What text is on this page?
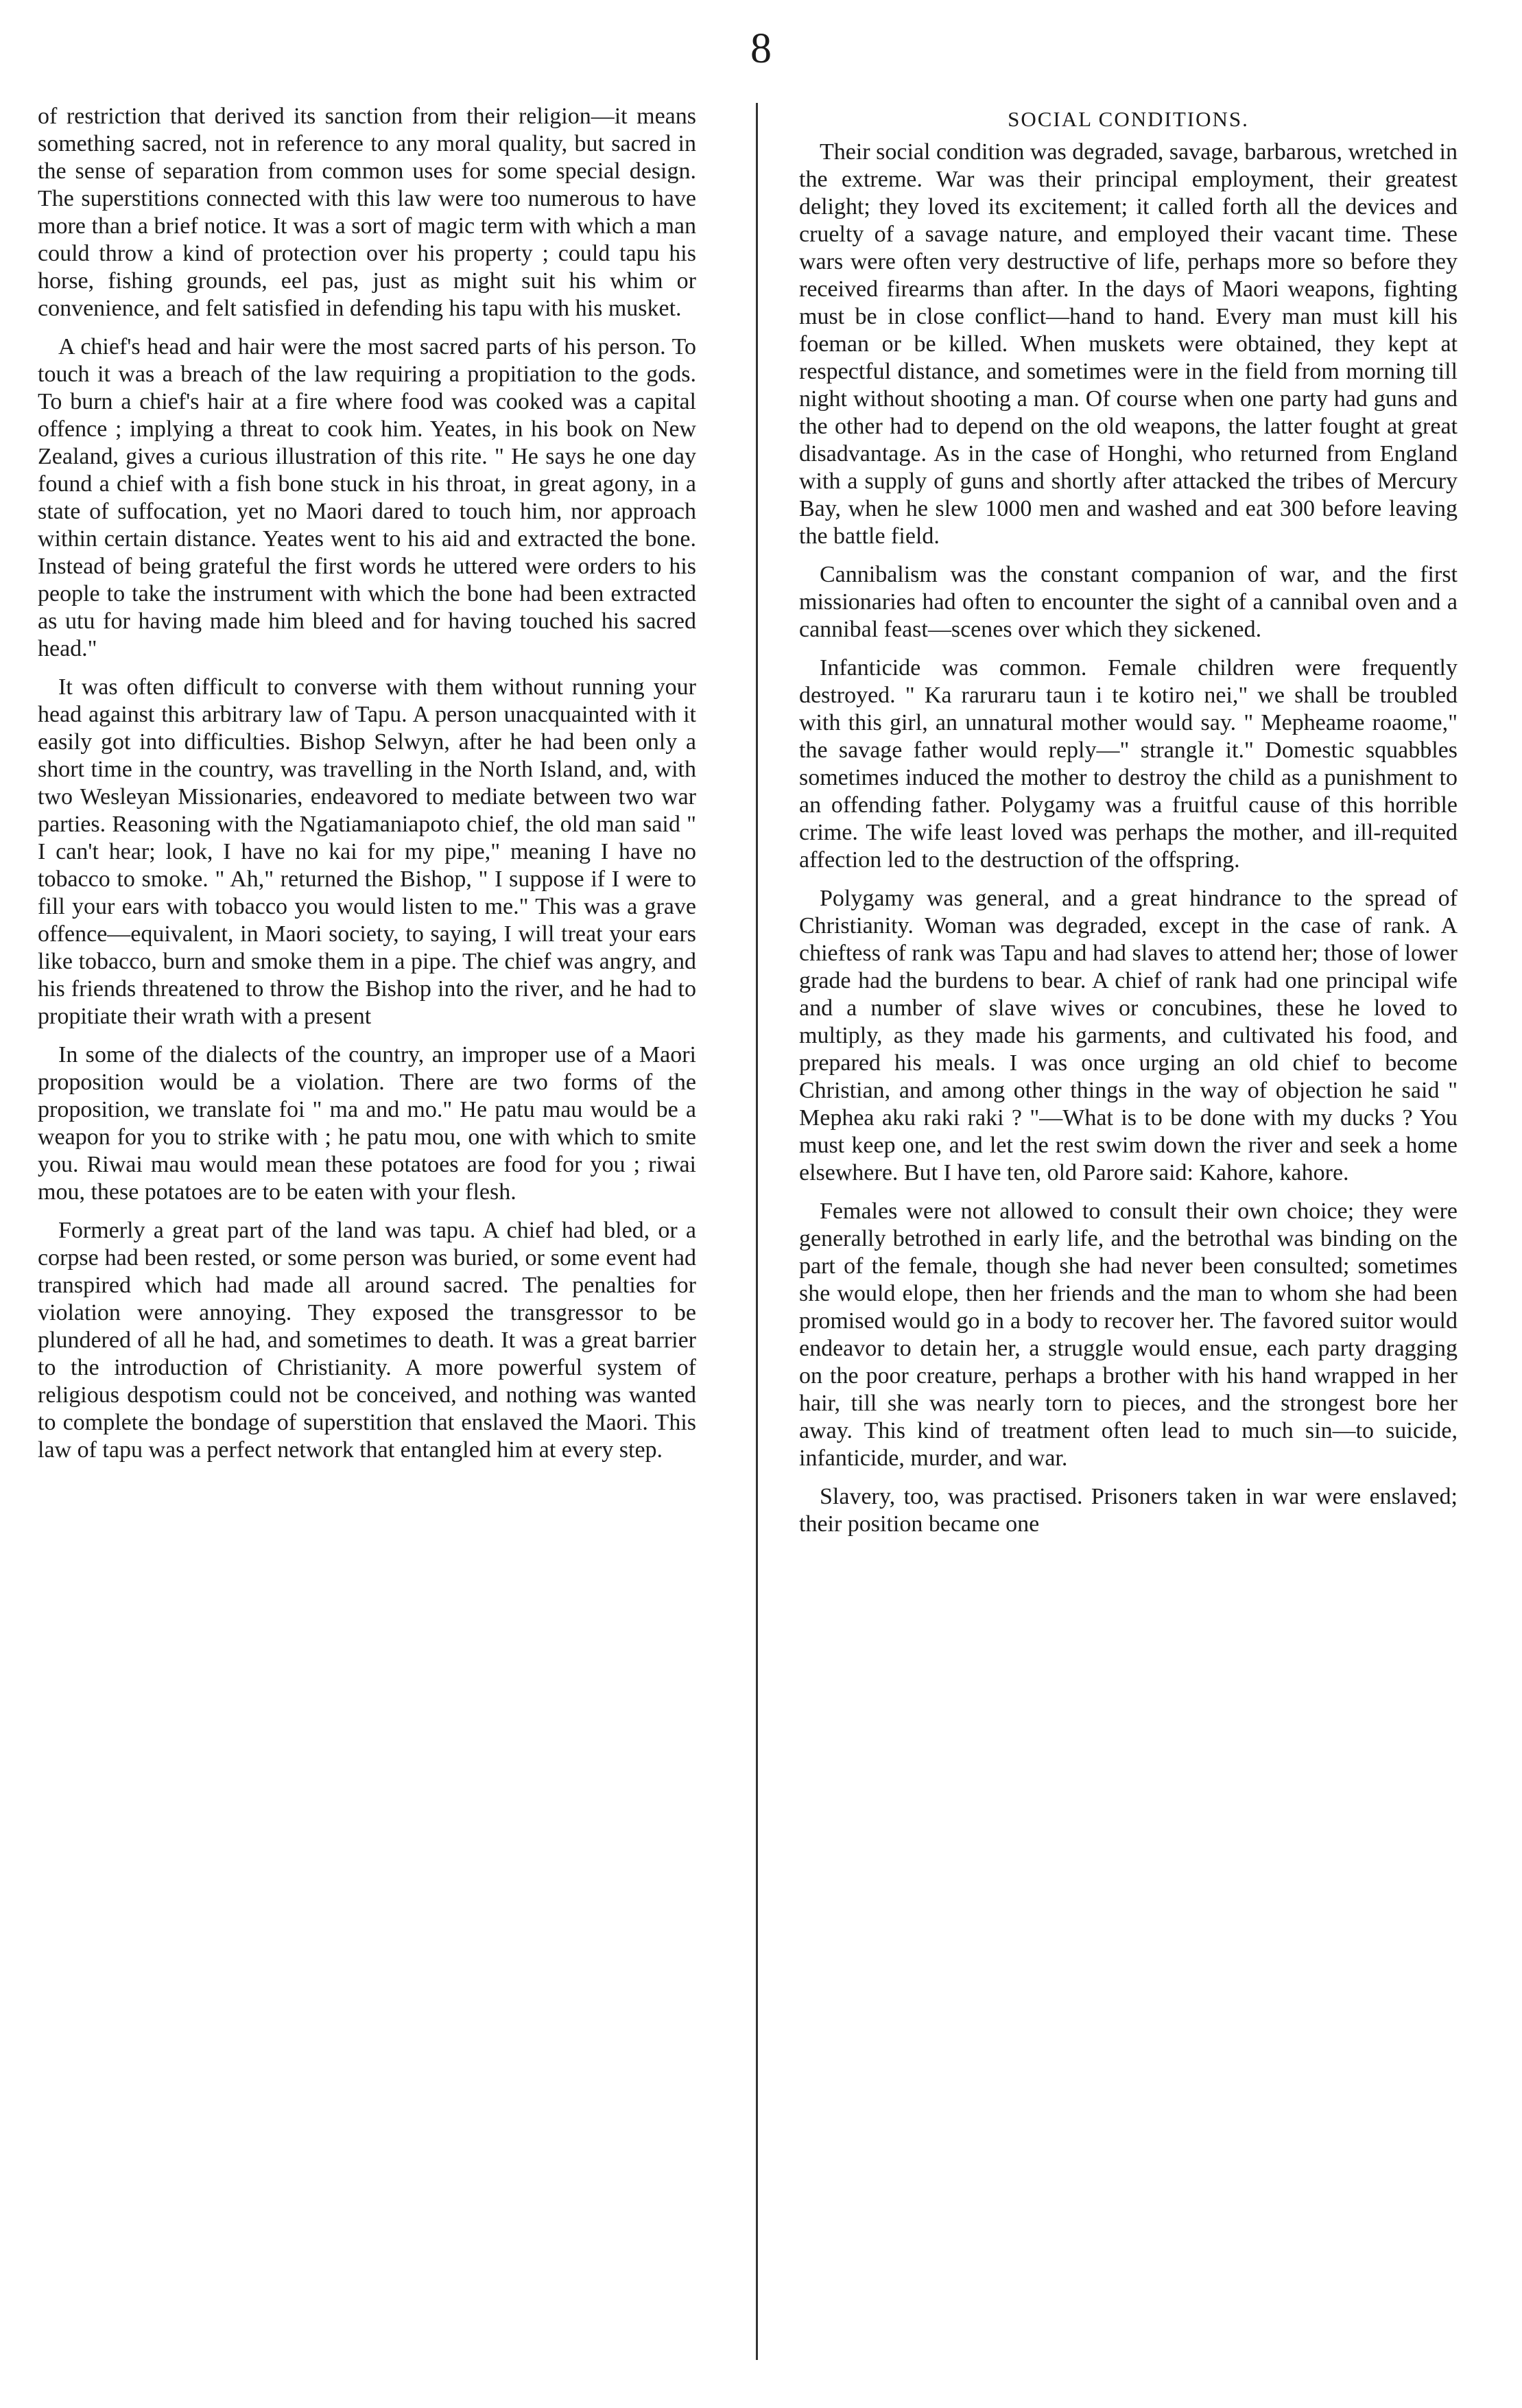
8

of restriction that derived its sanction from their religion—it means something sacred, not in reference to any moral quality, but sacred in the sense of separation from common uses for some special design. The superstitions connected with this law were too numerous to have more than a brief notice. It was a sort of magic term with which a man could throw a kind of protection over his property ; could tapu his horse, fishing grounds, eel pas, just as might suit his whim or convenience, and felt satisfied in defending his tapu with his musket.

A chief's head and hair were the most sacred parts of his person. To touch it was a breach of the law requiring a propitiation to the gods. To burn a chief's hair at a fire where food was cooked was a capital offence ; implying a threat to cook him. Yeates, in his book on New Zealand, gives a curious illustration of this rite. " He says he one day found a chief with a fish bone stuck in his throat, in great agony, in a state of suffocation, yet no Maori dared to touch him, nor approach within certain distance. Yeates went to his aid and extracted the bone. Instead of being grateful the first words he uttered were orders to his people to take the instrument with which the bone had been extracted as utu for having made him bleed and for having touched his sacred head."

It was often difficult to converse with them without running your head against this arbitrary law of Tapu. A person unacquainted with it easily got into difficulties. Bishop Selwyn, after he had been only a short time in the country, was travelling in the North Island, and, with two Wesleyan Missionaries, endeavored to mediate between two war parties. Reasoning with the Ngatiamaniapoto chief, the old man said " I can't hear; look, I have no kai for my pipe," meaning I have no tobacco to smoke. " Ah," returned the Bishop, " I suppose if I were to fill your ears with tobacco you would listen to me." This was a grave offence—equivalent, in Maori society, to saying, I will treat your ears like tobacco, burn and smoke them in a pipe. The chief was angry, and his friends threatened to throw the Bishop into the river, and he had to propitiate their wrath with a present

In some of the dialects of the country, an improper use of a Maori proposition would be a violation. There are two forms of the proposition, we translate foi " ma and mo." He patu mau would be a weapon for you to strike with ; he patu mou, one with which to smite you. Riwai mau would mean these potatoes are food for you ; riwai mou, these potatoes are to be eaten with your flesh.

Formerly a great part of the land was tapu. A chief had bled, or a corpse had been rested, or some person was buried, or some event had transpired which had made all around sacred. The penalties for violation were annoying. They exposed the transgressor to be plundered of all he had, and sometimes to death. It was a great barrier to the introduction of Christianity. A more powerful system of religious despotism could not be conceived, and nothing was wanted to complete the bondage of superstition that enslaved the Maori. This law of tapu was a perfect network that entangled him at every step.

SOCIAL CONDITIONS.

Their social condition was degraded, savage, barbarous, wretched in the extreme. War was their principal employment, their greatest delight; they loved its excitement; it called forth all the devices and cruelty of a savage nature, and employed their vacant time. These wars were often very destructive of life, perhaps more so before they received firearms than after. In the days of Maori weapons, fighting must be in close conflict—hand to hand. Every man must kill his foeman or be killed. When muskets were obtained, they kept at respectful distance, and sometimes were in the field from morning till night without shooting a man. Of course when one party had guns and the other had to depend on the old weapons, the latter fought at great disadvantage. As in the case of Honghi, who returned from England with a supply of guns and shortly after attacked the tribes of Mercury Bay, when he slew 1000 men and washed and eat 300 before leaving the battle field.

Cannibalism was the constant companion of war, and the first missionaries had often to encounter the sight of a cannibal oven and a cannibal feast—scenes over which they sickened.

Infanticide was common. Female children were frequently destroyed. " Ka raruraru taun i te kotiro nei," we shall be troubled with this girl, an unnatural mother would say. " Mepheame roaome," the savage father would reply—" strangle it." Domestic squabbles sometimes induced the mother to destroy the child as a punishment to an offending father. Polygamy was a fruitful cause of this horrible crime. The wife least loved was perhaps the mother, and ill-requited affection led to the destruction of the offspring.

Polygamy was general, and a great hindrance to the spread of Christianity. Woman was degraded, except in the case of rank. A chieftess of rank was Tapu and had slaves to attend her; those of lower grade had the burdens to bear. A chief of rank had one principal wife and a number of slave wives or concubines, these he loved to multiply, as they made his garments, and cultivated his food, and prepared his meals. I was once urging an old chief to become Christian, and among other things in the way of objection he said " Mephea aku raki raki ? "—What is to be done with my ducks ? You must keep one, and let the rest swim down the river and seek a home elsewhere. But I have ten, old Parore said: Kahore, kahore.

Females were not allowed to consult their own choice; they were generally betrothed in early life, and the betrothal was binding on the part of the female, though she had never been consulted; sometimes she would elope, then her friends and the man to whom she had been promised would go in a body to recover her. The favored suitor would endeavor to detain her, a struggle would ensue, each party dragging on the poor creature, perhaps a brother with his hand wrapped in her hair, till she was nearly torn to pieces, and the strongest bore her away. This kind of treatment often lead to much sin—to suicide, infanticide, murder, and war.

Slavery, too, was practised. Prisoners taken in war were enslaved; their position became one
